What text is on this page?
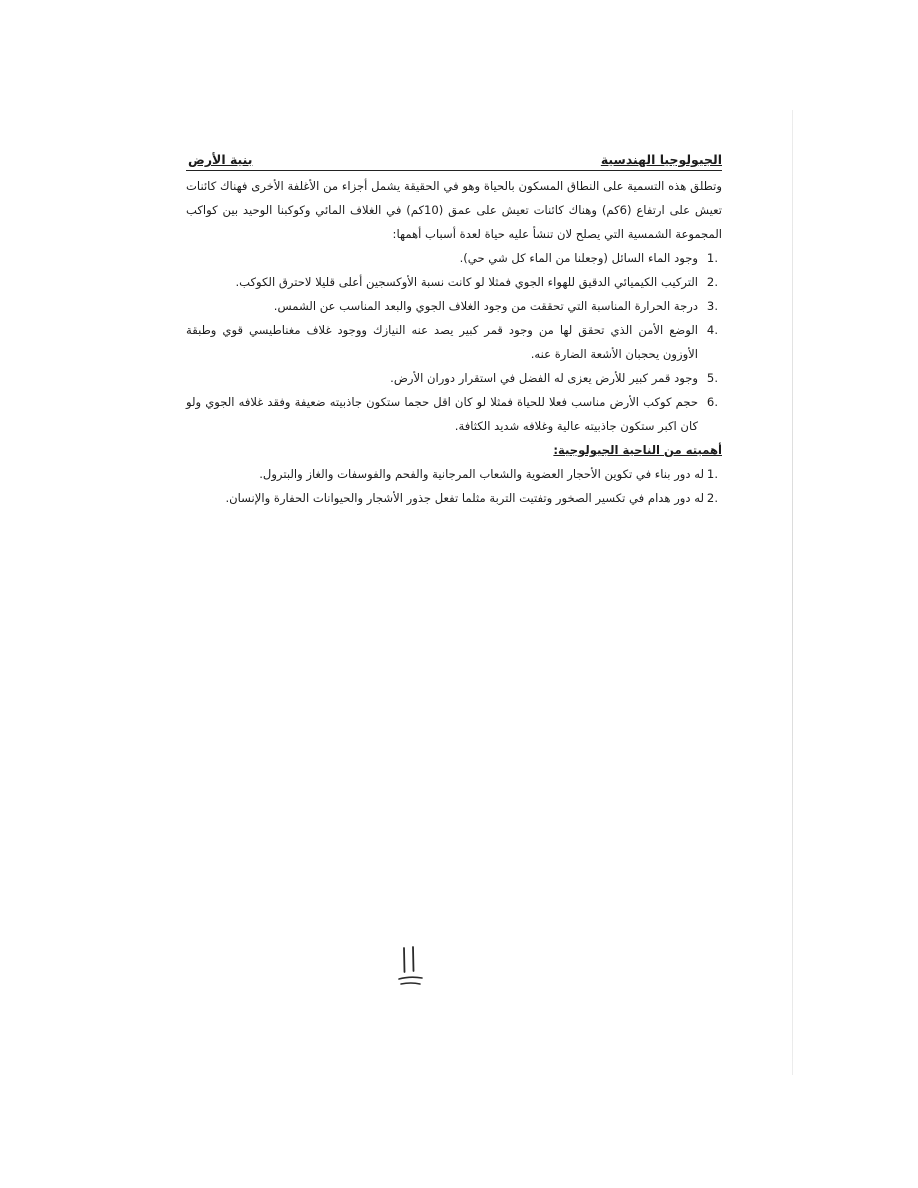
الجيولوجيا الهندسية
بنية الأرض

وتطلق هذه التسمية على النطاق المسكون بالحياة وهو في الحقيقة يشمل أجزاء من الأغلفة الأخرى فهناك كائنات تعيش على ارتفاع (6كم) وهناك كائنات تعيش على عمق (10كم) في الغلاف المائي وكوكبنا الوحيد بين كواكب المجموعة الشمسية التي يصلح لان تنشأ عليه حياة لعدة أسباب أهمها:

.1
وجود الماء السائل (وجعلنا من الماء كل شي حي).
.2
التركيب الكيميائي الدقيق للهواء الجوي فمثلا لو كانت نسبة الأوكسجين أعلى قليلا لاحترق الكوكب.
.3
درجة الحرارة المناسبة التي تحققت من وجود الغلاف الجوي والبعد المناسب عن الشمس.
.4
الوضع الأمن الذي تحقق لها من وجود قمر كبير يصد عنه النيازك ووجود غلاف مغناطيسي قوي وطبقة الأوزون يحجبان الأشعة الضارة عنه.
.5
وجود قمر كبير للأرض يعزى له الفضل في استقرار دوران الأرض.
.6
حجم كوكب الأرض مناسب فعلا للحياة فمثلا لو كان اقل حجما ستكون جاذبيته ضعيفة وفقد غلافه الجوي ولو كان اكبر ستكون جاذبيته عالية وغلافه شديد الكثافة.

أهميته من الناحية الجيولوجية:

.1
له دور بناء في تكوين الأحجار العضوية والشعاب المرجانية والفحم والفوسفات والغاز والبترول.
.2
له دور هدام في تكسير الصخور وتفتيت التربة مثلما تفعل جذور الأشجار والحيوانات الحفارة والإنسان.
